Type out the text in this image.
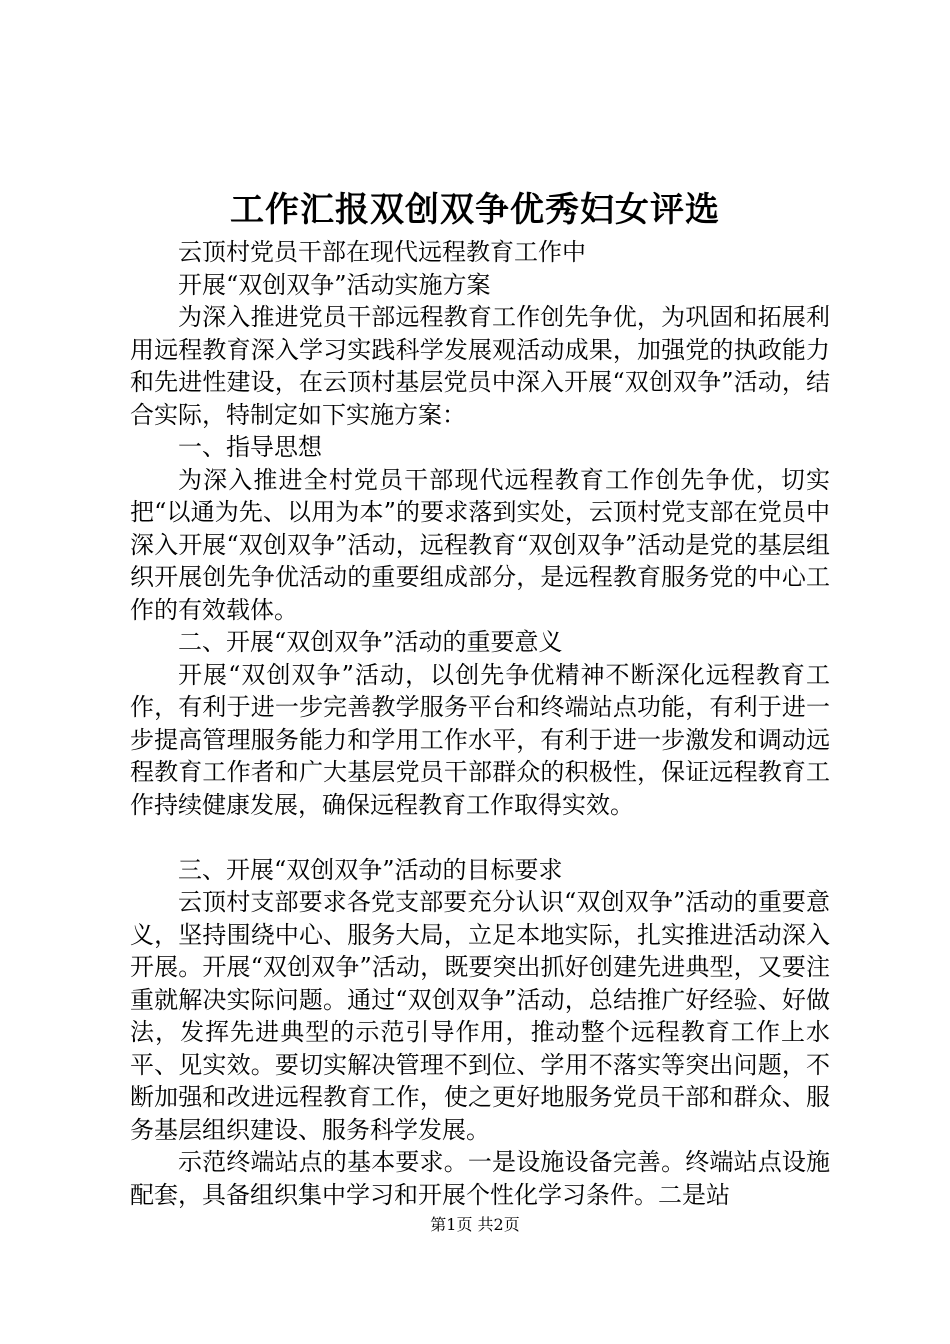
工作汇报双创双争优秀妇女评选

云顶村党员干部在现代远程教育工作中

开展“双创双争”活动实施方案

为深入推进党员干部远程教育工作创先争优，为巩固和拓展利用远程教育深入学习实践科学发展观活动成果，加强党的执政能力和先进性建设，在云顶村基层党员中深入开展“双创双争”活动，结合实际，特制定如下实施方案：

一、指导思想

为深入推进全村党员干部现代远程教育工作创先争优，切实把“以通为先、以用为本”的要求落到实处，云顶村党支部在党员中深入开展“双创双争”活动，远程教育“双创双争”活动是党的基层组织开展创先争优活动的重要组成部分，是远程教育服务党的中心工作的有效载体。

二、开展“双创双争”活动的重要意义

开展“双创双争”活动，以创先争优精神不断深化远程教育工作，有利于进一步完善教学服务平台和终端站点功能，有利于进一步提高管理服务能力和学用工作水平，有利于进一步激发和调动远程教育工作者和广大基层党员干部群众的积极性，保证远程教育工作持续健康发展，确保远程教育工作取得实效。

三、开展“双创双争”活动的目标要求

云顶村支部要求各党支部要充分认识“双创双争”活动的重要意义，坚持围绕中心、服务大局，立足本地实际，扎实推进活动深入开展。开展“双创双争”活动，既要突出抓好创建先进典型，又要注重就解决实际问题。通过“双创双争”活动，总结推广好经验、好做法，发挥先进典型的示范引导作用，推动整个远程教育工作上水平、见实效。要切实解决管理不到位、学用不落实等突出问题，不断加强和改进远程教育工作，使之更好地服务党员干部和群众、服务基层组织建设、服务科学发展。

示范终端站点的基本要求。一是设施设备完善。终端站点设施配套，具备组织集中学习和开展个性化学习条件。二是站

第1页 共2页
